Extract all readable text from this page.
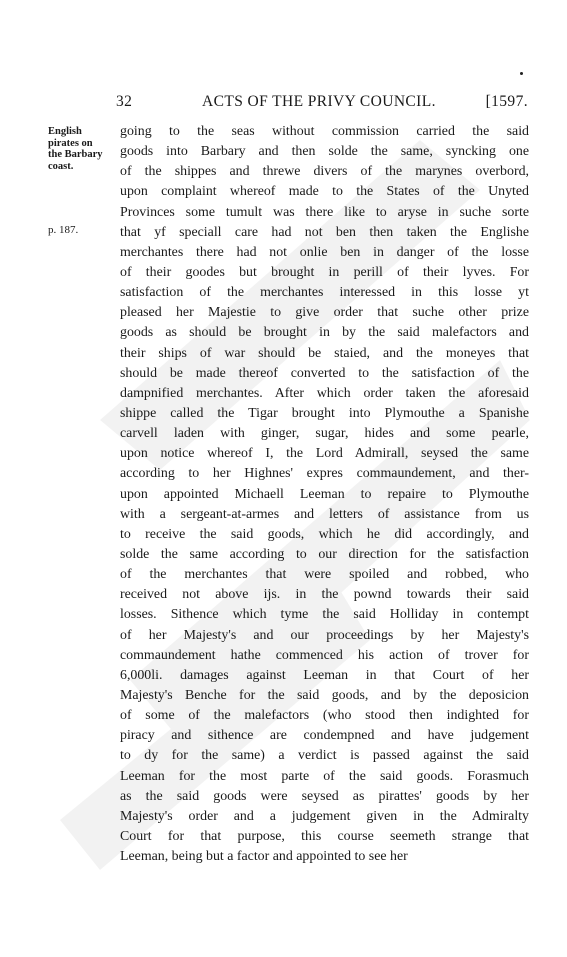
32	ACTS OF THE PRIVY COUNCIL.	[1597.
English
pirates on
the Barbary
coast.
p. 187.
going to the seas without commission carried the said
goods into Barbary and then solde the same, syncking one
of the shippes and threwe divers of the marynes overbord,
upon complaint whereof made to the States of the Unyted
Provinces some tumult was there like to aryse in suche sorte
that yf speciall care had not ben then taken the Englishe
merchantes there had not onlie ben in danger of the losse
of their goodes but brought in perill of their lyves. For
satisfaction of the merchantes interessed in this losse yt
pleased her Majestie to give order that suche other prize
goods as should be brought in by the said malefactors and
their ships of war should be staied, and the moneyes that
should be made thereof converted to the satisfaction of the
dampnified merchantes. After which order taken the aforesaid
shippe called the Tigar brought into Plymouthe a Spanishe
carvell laden with ginger, sugar, hides and some pearle,
upon notice whereof I, the Lord Admirall, seysed the same
according to her Highnes' expres commaundement, and ther-
upon appointed Michaell Leeman to repaire to Plymouthe
with a sergeant-at-armes and letters of assistance from us
to receive the said goods, which he did accordingly, and
solde the same according to our direction for the satisfaction
of the merchantes that were spoiled and robbed, who
received not above ijs. in the pownd towards their said
losses. Sithence which tyme the said Holliday in contempt
of her Majesty's and our proceedings by her Majesty's
commaundement hathe commenced his action of trover for
6,000li. damages against Leeman in that Court of her
Majesty's Benche for the said goods, and by the deposicion
of some of the malefactors (who stood then indighted for
piracy and sithence are condempned and have judgement
to dy for the same) a verdict is passed against the said
Leeman for the most parte of the said goods. Forasmuch
as the said goods were seysed as pirattes' goods by her
Majesty's order and a judgement given in the Admiralty
Court for that purpose, this course seemeth strange that
Leeman, being but a factor and appointed to see her
